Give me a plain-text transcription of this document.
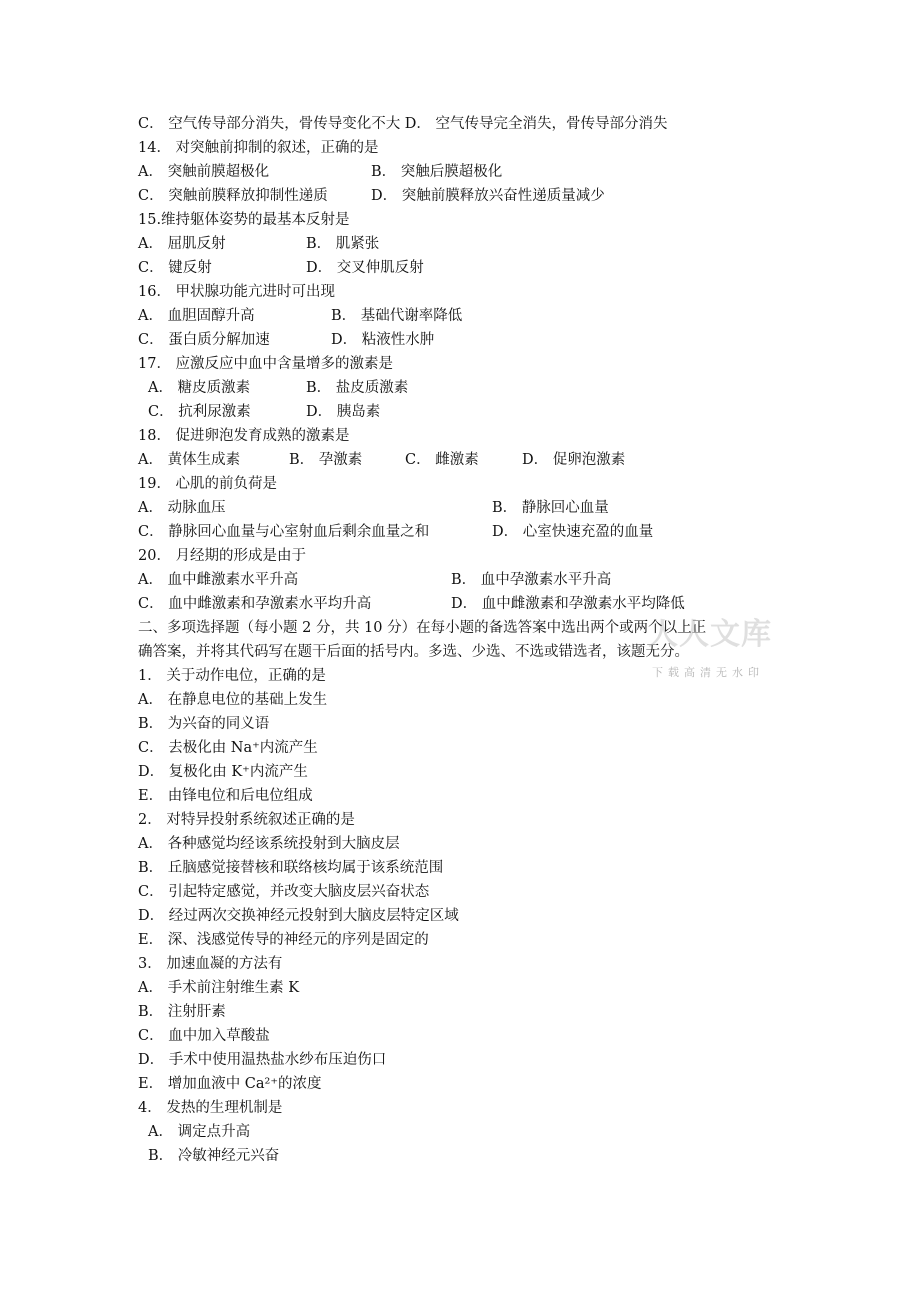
C． 空气传导部分消失，骨传导变化不大 D． 空气传导完全消失，骨传导部分消失
14． 对突触前抑制的叙述，正确的是
A． 突触前膜超极化	B． 突触后膜超极化
C． 突触前膜释放抑制性递质	D． 突触前膜释放兴奋性递质量减少
15.维持躯体姿势的最基本反射是
A． 屈肌反射	B． 肌紧张
C． 键反射	D． 交叉伸肌反射
16． 甲状腺功能亢进时可出现
A． 血胆固醇升高	B． 基础代谢率降低
C． 蛋白质分解加速	D． 粘液性水肿
17． 应激反应中血中含量增多的激素是
A． 糖皮质激素	B． 盐皮质激素
C． 抗利尿激素	D． 胰岛素
18． 促进卵泡发育成熟的激素是
A． 黄体生成素	B． 孕激素	C． 雌激素	D． 促卵泡激素
19． 心肌的前负荷是
A． 动脉血压	B． 静脉回心血量
C． 静脉回心血量与心室射血后剩余血量之和	D． 心室快速充盈的血量
20． 月经期的形成是由于
A． 血中雌激素水平升高	B． 血中孕激素水平升高
C． 血中雌激素和孕激素水平均升高	D． 血中雌激素和孕激素水平均降低
二、多项选择题（每小题 2 分，共 10 分）在每小题的备选答案中选出两个或两个以上正
确答案，并将其代码写在题干后面的括号内。多选、少选、不选或错选者，该题无分。
1． 关于动作电位，正确的是
A． 在静息电位的基础上发生
B． 为兴奋的同义语
C． 去极化由 Na⁺内流产生
D． 复极化由 K⁺内流产生
E． 由锋电位和后电位组成
2． 对特异投射系统叙述正确的是
A． 各种感觉均经该系统投射到大脑皮层
B． 丘脑感觉接替核和联络核均属于该系统范围
C． 引起特定感觉，并改变大脑皮层兴奋状态
D． 经过两次交换神经元投射到大脑皮层特定区域
E． 深、浅感觉传导的神经元的序列是固定的
3． 加速血凝的方法有
A． 手术前注射维生素 K
B． 注射肝素
C． 血中加入草酸盐
D． 手术中使用温热盐水纱布压迫伤口
E． 增加血液中 Ca²⁺的浓度
4． 发热的生理机制是
A． 调定点升高
B． 冷敏神经元兴奋
人人文库
下载高清无水印
